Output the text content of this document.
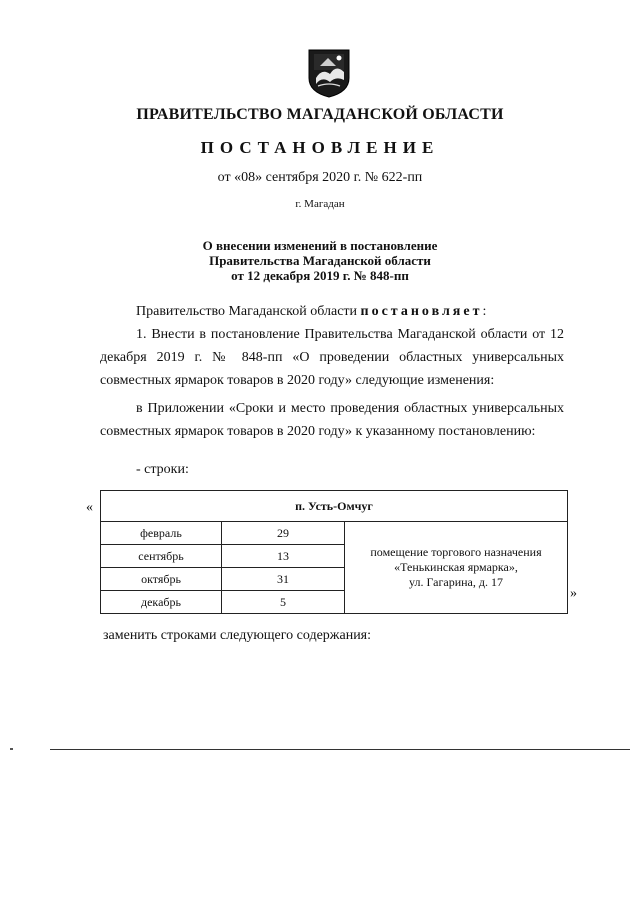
ПРАВИТЕЛЬСТВО МАГАДАНСКОЙ ОБЛАСТИ
ПОСТАНОВЛЕНИЕ
от «08» сентября 2020 г. № 622-пп
г. Магадан
О внесении изменений в постановление
Правительства Магаданской области
от 12 декабря 2019 г. № 848-пп
Правительство Магаданской области постановляет:
1. Внести в постановление Правительства Магаданской области от 12 декабря 2019 г. № 848-пп «О проведении областных универсальных совместных ярмарок товаров в 2020 году» следующие изменения:
в Приложении «Сроки и место проведения областных универсальных совместных ярмарок товаров в 2020 году» к указанному постановлению:
- строки:
«	п. Усть-Омчуг		
февраль	29	помещение торгового назначения
«Тенькинская ярмарка»,
ул. Гагарина, д. 17

сентябрь	13	
октябрь	31	
декабрь	5	
»
заменить строками следующего содержания:
